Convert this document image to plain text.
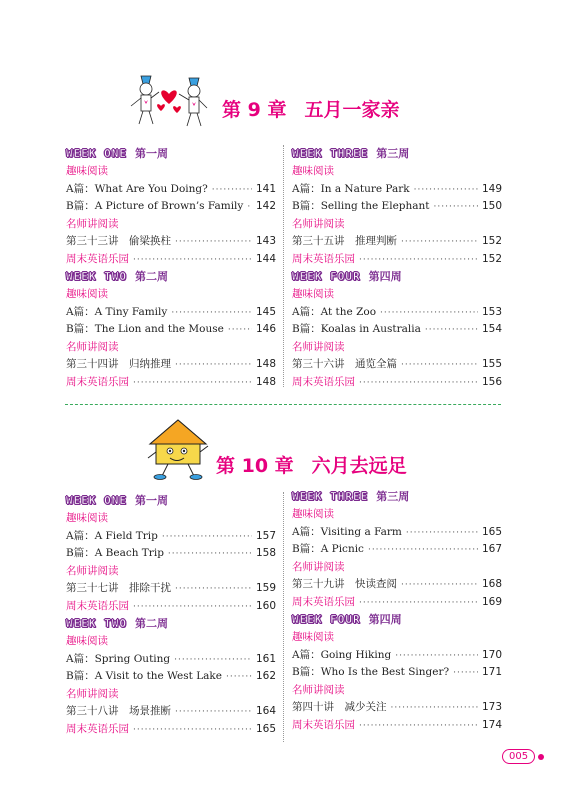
第 9 章 五月一家亲
WEEK ONE 第一周
趣味阅读
A篇：What Are You Doing? ·····	141
B篇：A Picture of Brown’s Family ····· 142
名师讲阅读
第三十三讲　偷梁换柱 ·····	143
周末英语乐园 ·····	144
WEEK TWO 第二周
趣味阅读
A篇：A Tiny Family ·····	145
B篇：The Lion and the Mouse ·····	146
名师讲阅读
第三十四讲　归纳推理 ·····	148
周末英语乐园 ·····	148
WEEK THREE 第三周
趣味阅读
A篇：In a Nature Park ·····	149
B篇：Selling the Elephant ·····	150
名师讲阅读
第三十五讲　推理判断 ·····	152
周末英语乐园 ·····	152
WEEK FOUR 第四周
趣味阅读
A篇：At the Zoo ·····	153
B篇：Koalas in Australia ·····	154
名师讲阅读
第三十六讲　通览全篇 ·····	155
周末英语乐园 ·····	156
第 10 章 六月去远足
WEEK ONE 第一周
趣味阅读
A篇：A Field Trip ·····	157
B篇：A Beach Trip ·····	158
名师讲阅读
第三十七讲　排除干扰 ·····	159
周末英语乐园 ·····	160
WEEK TWO 第二周
趣味阅读
A篇：Spring Outing ·····	161
B篇：A Visit to the West Lake ·····	162
名师讲阅读
第三十八讲　场景推断 ·····	164
周末英语乐园 ·····	165
WEEK THREE 第三周
趣味阅读
A篇：Visiting a Farm ·····	165
B篇：A Picnic ·····	167
名师讲阅读
第三十九讲　快读查阅 ·····	168
周末英语乐园 ·····	169
WEEK FOUR 第四周
趣味阅读
A篇：Going Hiking ·····	170
B篇：Who Is the Best Singer? ·····	171
名师讲阅读
第四十讲　减少关注 ·····	173
周末英语乐园 ·····	174
005
